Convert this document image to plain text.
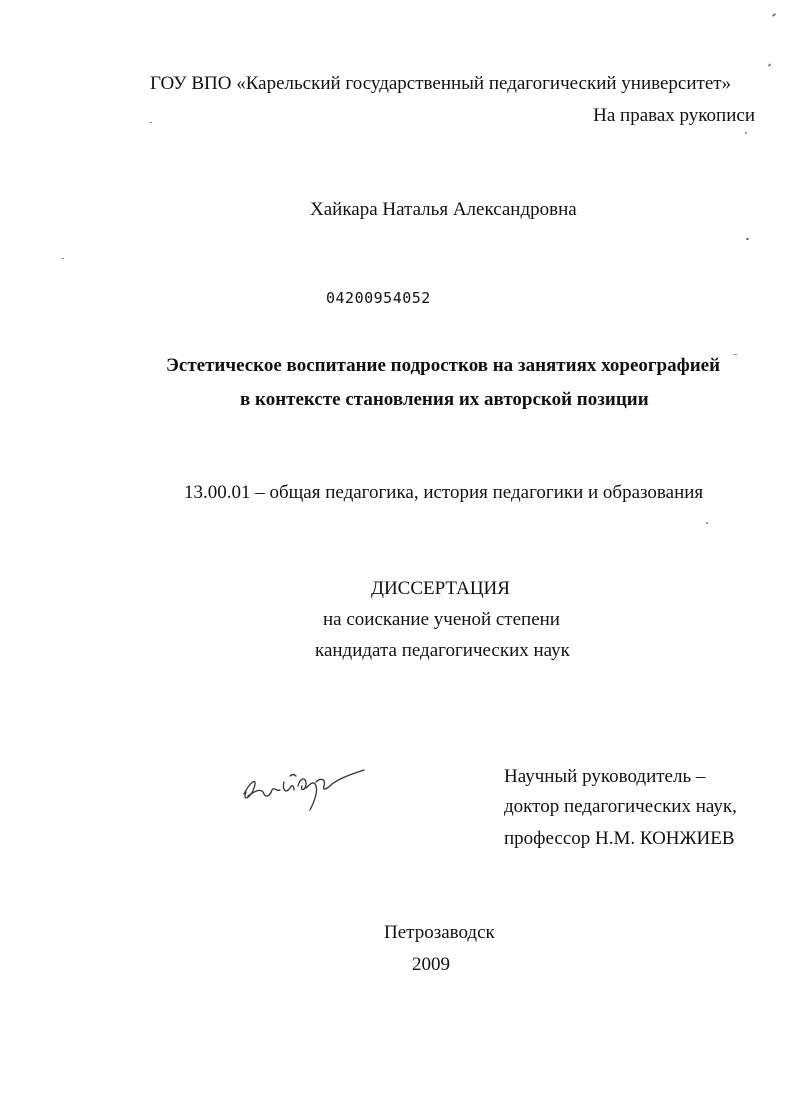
ГОУ ВПО «Карельский государственный педагогический университет»
На правах рукописи
Хайкара Наталья Александровна
04200954052
Эстетическое воспитание подростков на занятиях хореографией
в контексте становления их авторской позиции
13.00.01 – общая педагогика, история педагогики и образования
ДИССЕРТАЦИЯ
на соискание ученой степени
кандидата педагогических наук
Научный руководитель –
доктор педагогических наук,
профессор Н.М. КОНЖИЕВ
Петрозаводск
2009
